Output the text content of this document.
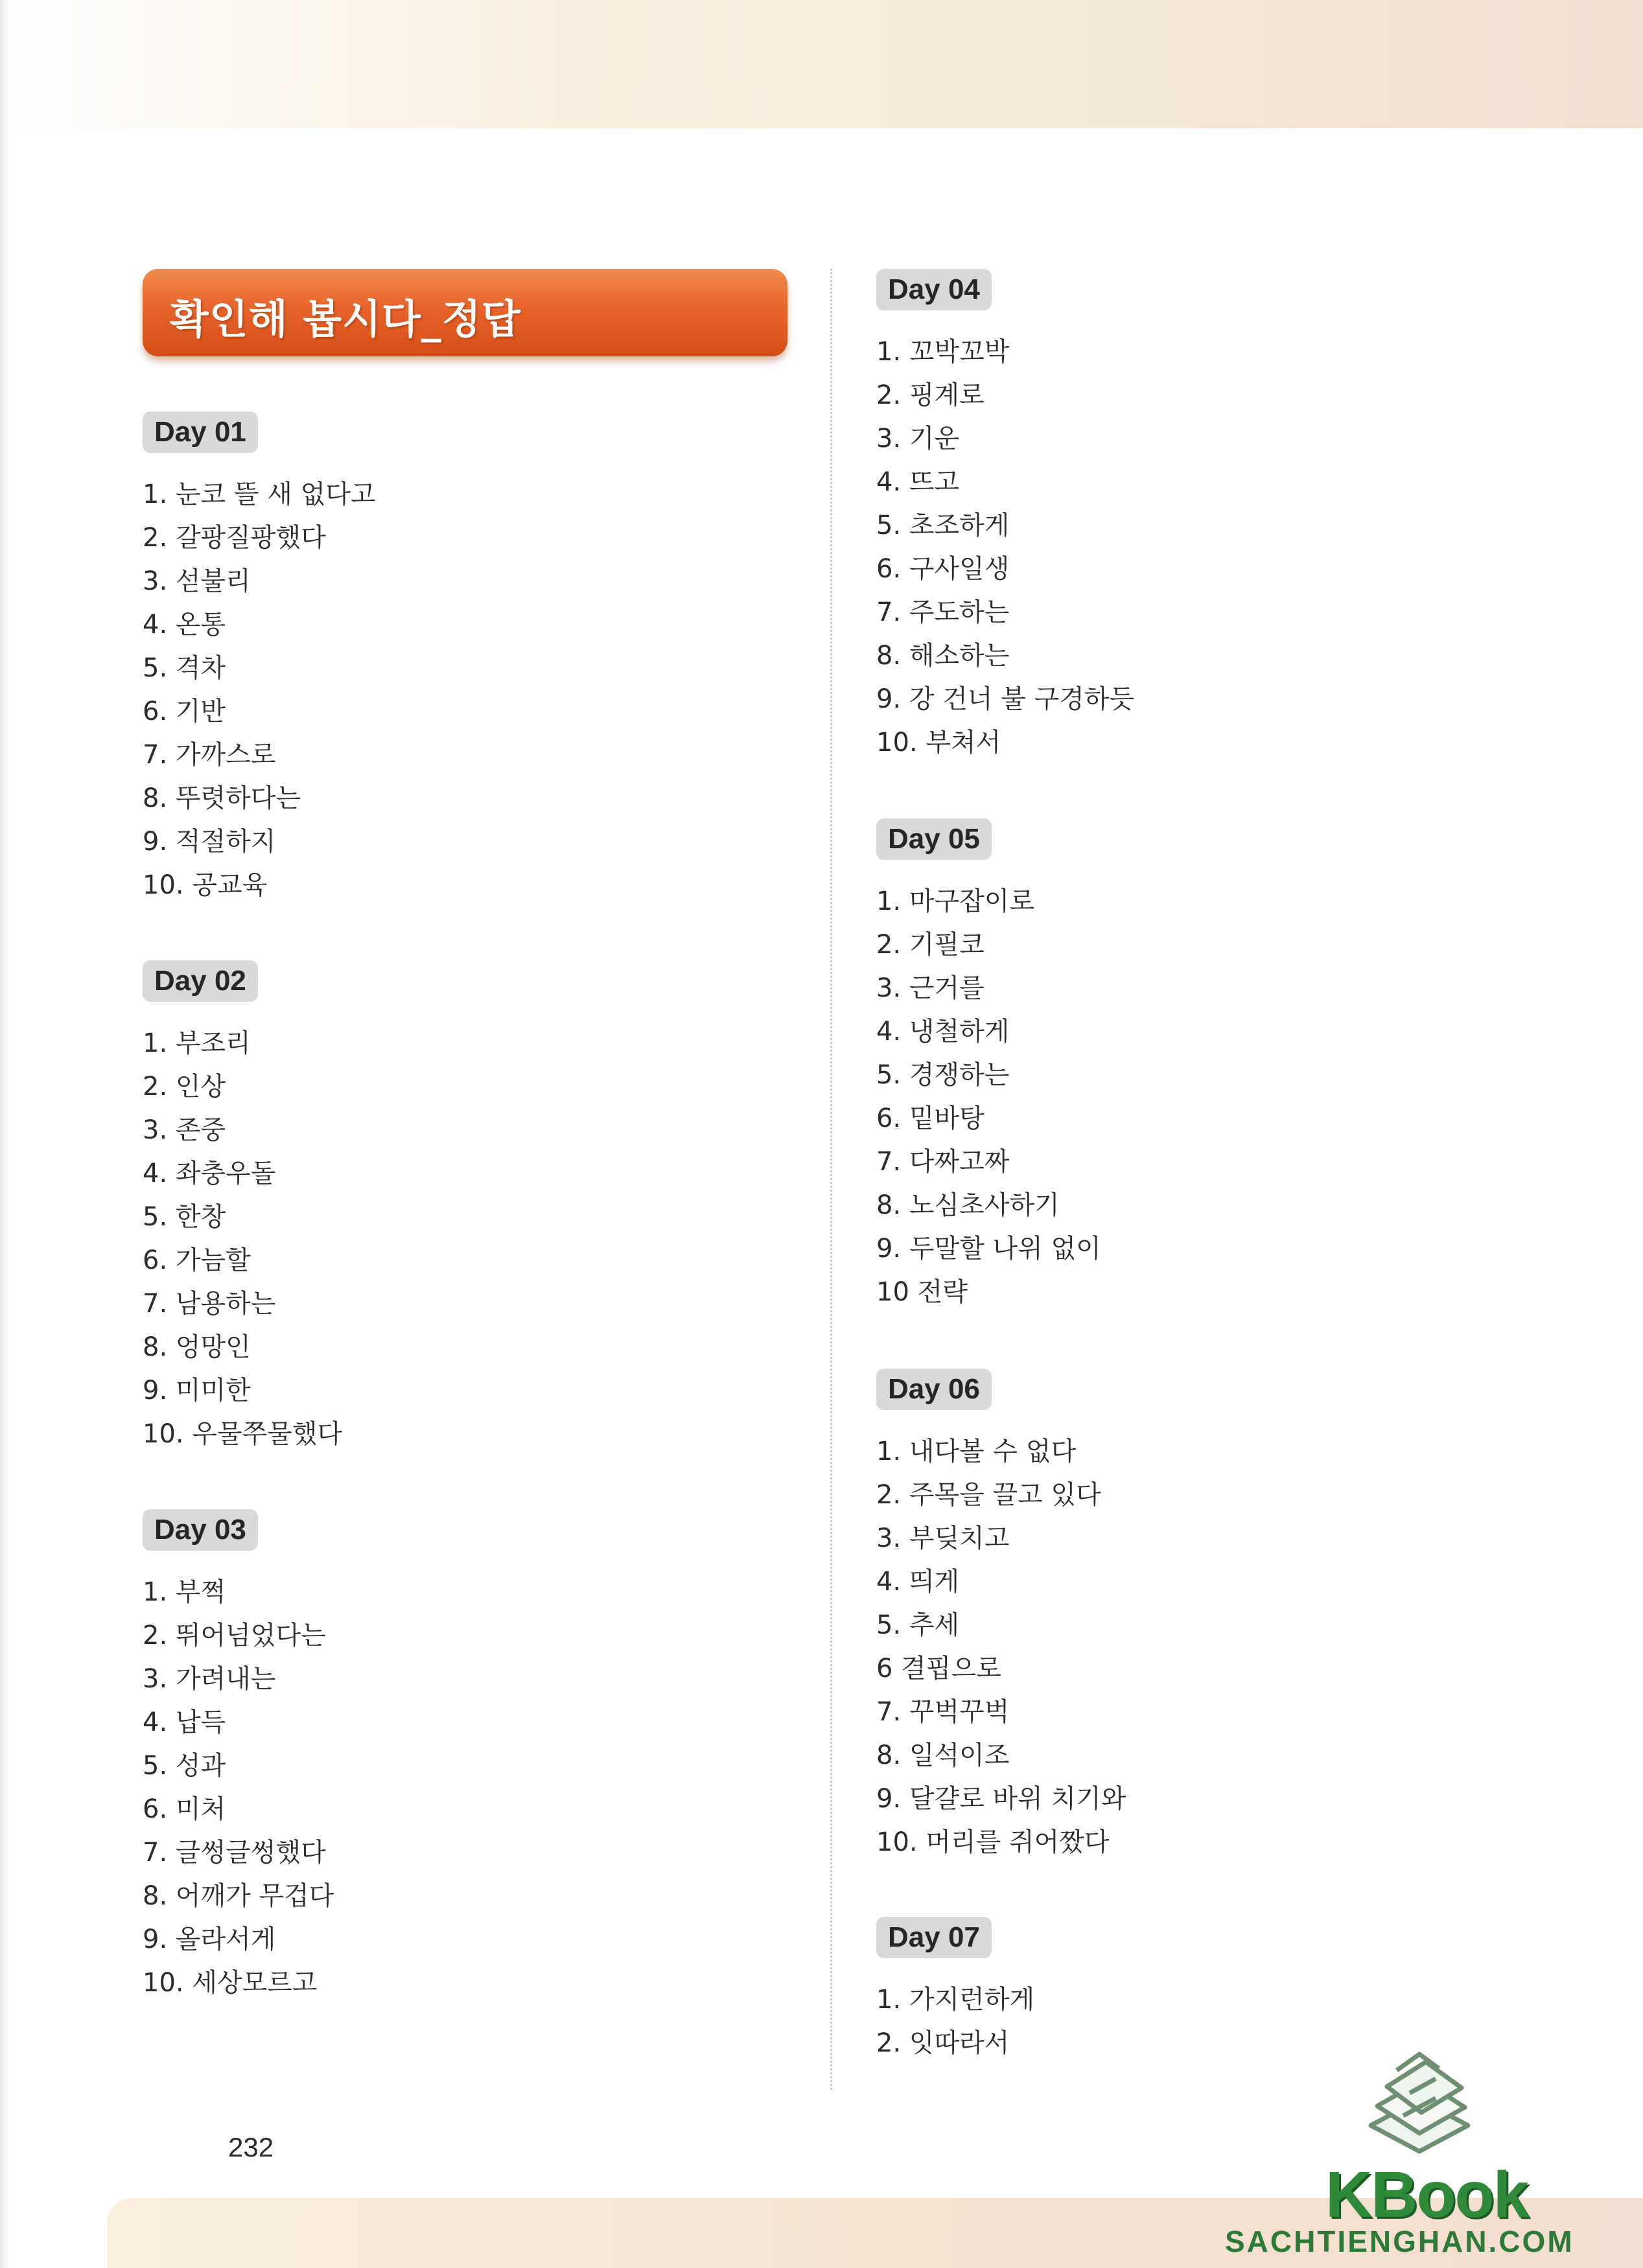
확인해 봅시다_정답
Day 01
1. 눈코 뜰 새 없다고
2. 갈팡질팡했다
3. 섣불리
4. 온통
5. 격차
6. 기반
7. 가까스로
8. 뚜렷하다는
9. 적절하지
10. 공교육
Day 02
1. 부조리
2. 인상
3. 존중
4. 좌충우돌
5. 한창
6. 가늠할
7. 남용하는
8. 엉망인
9. 미미한
10. 우물쭈물했다
Day 03
1. 부쩍
2. 뛰어넘었다는
3. 가려내는
4. 납득
5. 성과
6. 미처
7. 글썽글썽했다
8. 어깨가 무겁다
9. 올라서게
10. 세상모르고
Day 04
1. 꼬박꼬박
2. 핑계로
3. 기운
4. 뜨고
5. 초조하게
6. 구사일생
7. 주도하는
8. 해소하는
9. 강 건너 불 구경하듯
10. 부쳐서
Day 05
1. 마구잡이로
2. 기필코
3. 근거를
4. 냉철하게
5. 경쟁하는
6. 밑바탕
7. 다짜고짜
8. 노심초사하기
9. 두말할 나위 없이
10 전략
Day 06
1. 내다볼 수 없다
2. 주목을 끌고 있다
3. 부딪치고
4. 띄게
5. 추세
6 결핍으로
7. 꾸벅꾸벅
8. 일석이조
9. 달걀로 바위 치기와
10. 머리를 쥐어짰다
Day 07
1. 가지런하게
2. 잇따라서
232
KBook
SACHTIENGHAN.COM
